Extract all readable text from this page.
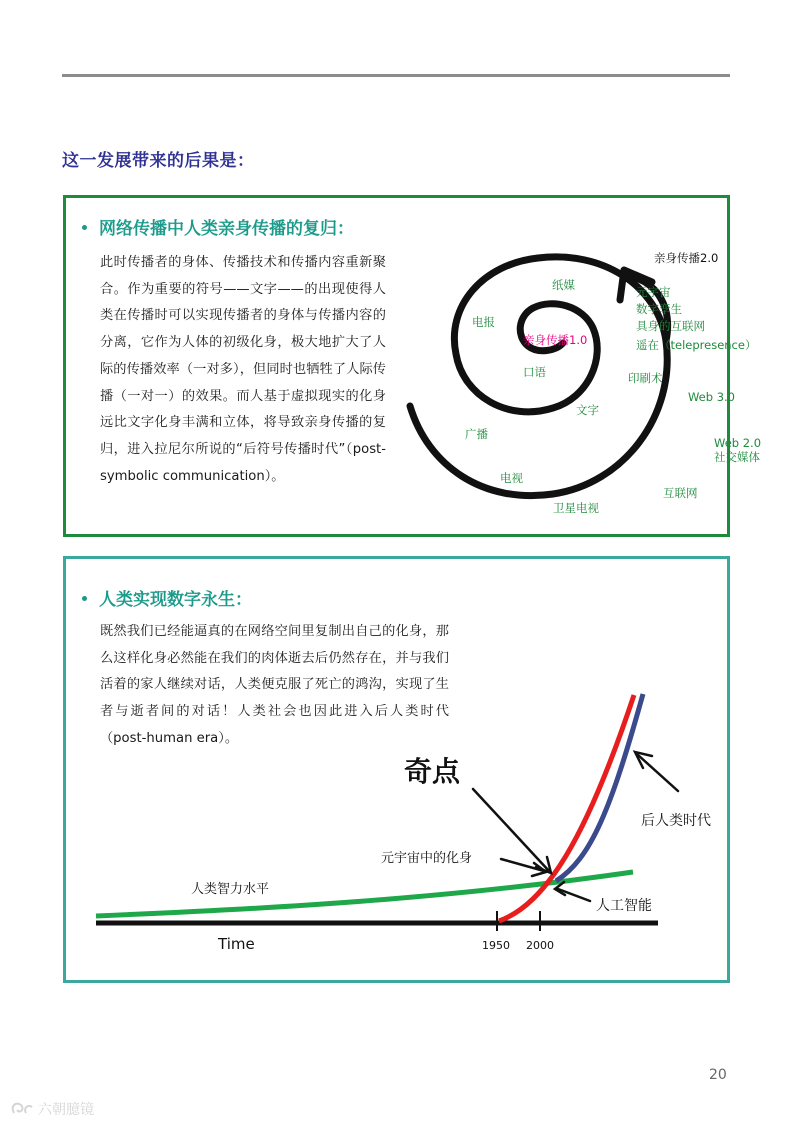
这一发展带来的后果是：
网络传播中人类亲身传播的复归：
此时传播者的身体、传播技术和传播内容重新聚合。作为重要的符号——文字——的出现使得人类在传播时可以实现传播者的身体与传播内容的分离，它作为人体的初级化身，极大地扩大了人际的传播效率（一对多），但同时也牺牲了人际传播（一对一）的效果。而人基于虚拟现实的化身远比文字化身丰满和立体，将导致亲身传播的复归，进入拉尼尔所说的“后符号传播时代”（post-symbolic communication）。
亲身传播2.0
亲身传播1.0
纸媒
电报
口语
文字
广播
电视
卫星电视
互联网
印刷术
Web 3.0
Web 2.0
社交媒体
元宇宙
数字孪生
具身的互联网
遥在（telepresence）
人类实现数字永生：
既然我们已经能逼真的在网络空间里复制出自己的化身，那么这样化身必然能在我们的肉体逝去后仍然存在，并与我们活着的家人继续对话，人类便克服了死亡的鸿沟，实现了生者与逝者间的对话！人类社会也因此进入后人类时代（post-human era）。
Time	1950 2000
奇点
元宇宙中的化身
人类智力水平
人工智能
后人类时代
20
六朝臆镜
